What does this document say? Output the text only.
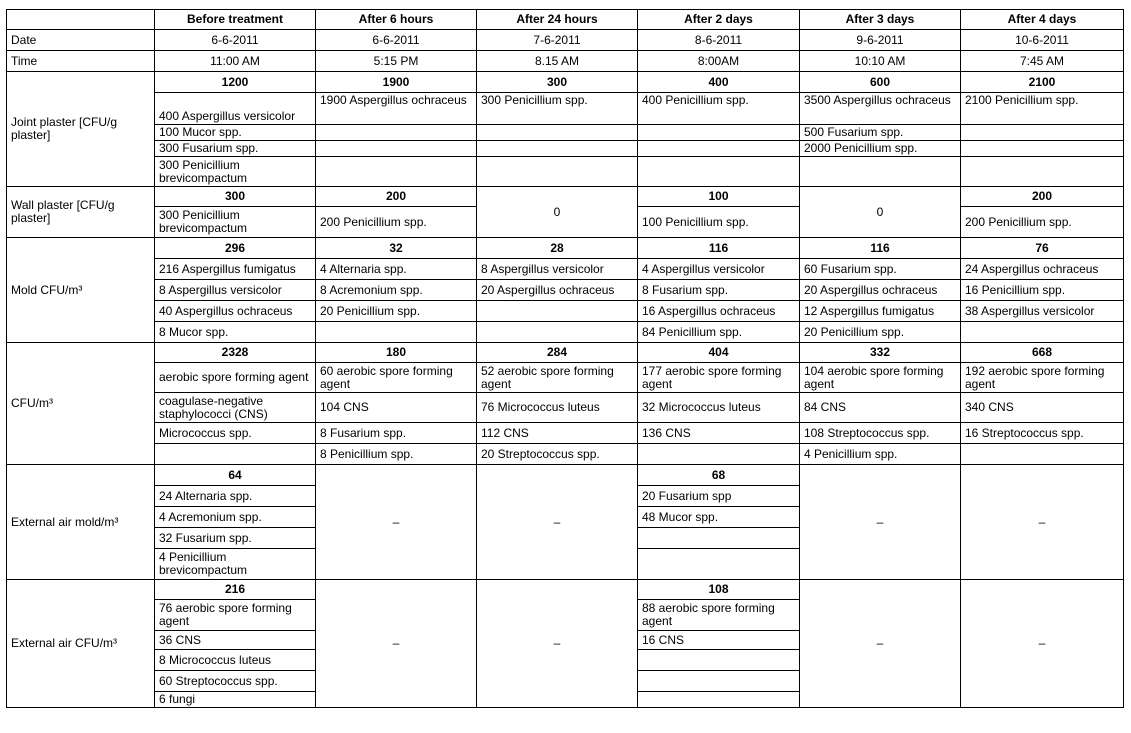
	Before treatment	After 6 hours	After 24 hours	After 2 days	After 3 days	After 4 days
Date	6-6-2011	6-6-2011	7-6-2011	8-6-2011	9-6-2011	10-6-2011
Time	11:00 AM	5:15 PM	8.15 AM	8:00AM	10:10 AM	7:45 AM
Joint plaster [CFU/g plaster]	1200	1900	300	400	600	2100
	400 Aspergillus versicolor	1900 Aspergillus ochraceus	300 Penicillium spp.	400 Penicillium spp.	3500 Aspergillus ochraceus	2100 Penicillium spp.
	100 Mucor spp.				500 Fusarium spp.	
	300 Fusarium spp.				2000 Penicillium spp.	
	300 Penicillium brevicompactum					
Wall plaster [CFU/g plaster]	300	200	0	100	0	200
	300 Penicillium brevicompactum	200 Penicillium spp.		100 Penicillium spp.		200 Penicillium spp.
Mold CFU/m³	296	32	28	116	116	76
	216 Aspergillus fumigatus	4 Alternaria spp.	8 Aspergillus versicolor	4 Aspergillus versicolor	60 Fusarium spp.	24 Aspergillus ochraceus
	8 Aspergillus versicolor	8 Acremonium spp.	20 Aspergillus ochraceus	8 Fusarium spp.	20 Aspergillus ochraceus	16 Penicillium spp.
	40 Aspergillus ochraceus	20 Penicillium spp.		16 Aspergillus ochraceus	12 Aspergillus fumigatus	38 Aspergillus versicolor
	8 Mucor spp.			84 Penicillium spp.	20 Penicillium spp.	
CFU/m³	2328	180	284	404	332	668
	aerobic spore forming agent	60 aerobic spore forming agent	52 aerobic spore forming agent	177 aerobic spore forming agent	104 aerobic spore forming agent	192 aerobic spore forming agent
	coagulase-negative staphylococci (CNS)	104 CNS	76 Micrococcus luteus	32 Micrococcus luteus	84 CNS	340 CNS
	Micrococcus spp.	8 Fusarium spp.	112 CNS	136 CNS	108 Streptococcus spp.	16 Streptococcus spp.
		8 Penicillium spp.	20 Streptococcus spp.		4 Penicillium spp.	
External air mold/m³	64	–	–	68	–	–
	24 Alternaria spp.			20 Fusarium spp		
	4 Acremonium spp.			48 Mucor spp.		
	32 Fusarium spp.					
	4 Penicillium brevicompactum					
External air CFU/m³	216	–	–	108	–	–
	76 aerobic spore forming agent			88 aerobic spore forming agent		
	36 CNS			16 CNS		
	8 Micrococcus luteus					
	60 Streptococcus spp.					
	6 fungi					
